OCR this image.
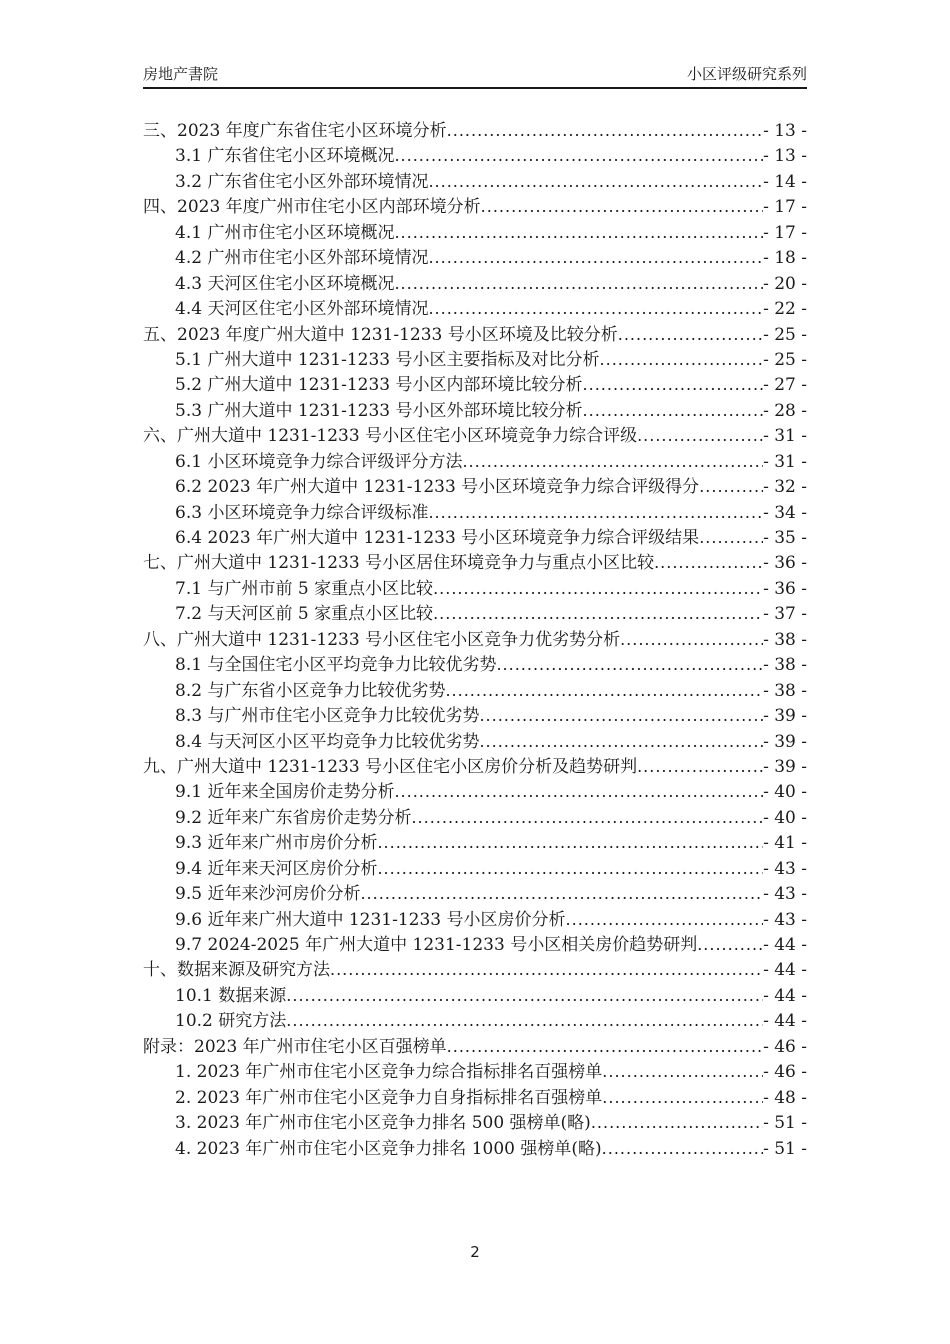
房地产書院	小区评级研究系列
三、2023 年度广东省住宅小区环境分析 .....	- 13 -
3.1 广东省住宅小区环境概况 .....	- 13 -
3.2 广东省住宅小区外部环境情况 .....	- 14 -
四、2023 年度广州市住宅小区内部环境分析 .....	- 17 -
4.1 广州市住宅小区环境概况 .....	- 17 -
4.2 广州市住宅小区外部环境情况 .....	- 18 -
4.3 天河区住宅小区环境概况 .....	- 20 -
4.4 天河区住宅小区外部环境情况 .....	- 22 -
五、2023 年度广州大道中 1231-1233 号小区环境及比较分析 .....	- 25 -
5.1 广州大道中 1231-1233 号小区主要指标及对比分析 .....	- 25 -
5.2 广州大道中 1231-1233 号小区内部环境比较分析 .....	- 27 -
5.3 广州大道中 1231-1233 号小区外部环境比较分析 .....	- 28 -
六、广州大道中 1231-1233 号小区住宅小区环境竞争力综合评级 .....	- 31 -
6.1 小区环境竞争力综合评级评分方法 .....	- 31 -
6.2 2023 年广州大道中 1231-1233 号小区环境竞争力综合评级得分 .....	- 32 -
6.3 小区环境竞争力综合评级标准 .....	- 34 -
6.4 2023 年广州大道中 1231-1233 号小区环境竞争力综合评级结果 .....	- 35 -
七、广州大道中 1231-1233 号小区居住环境竞争力与重点小区比较 .....	- 36 -
7.1 与广州市前 5 家重点小区比较 .....	- 36 -
7.2 与天河区前 5 家重点小区比较 .....	- 37 -
八、广州大道中 1231-1233 号小区住宅小区竞争力优劣势分析 .....	- 38 -
8.1 与全国住宅小区平均竞争力比较优劣势 .....	- 38 -
8.2 与广东省小区竞争力比较优劣势 .....	- 38 -
8.3 与广州市住宅小区竞争力比较优劣势 .....	- 39 -
8.4 与天河区小区平均竞争力比较优劣势 .....	- 39 -
九、广州大道中 1231-1233 号小区住宅小区房价分析及趋势研判 .....	- 39 -
9.1 近年来全国房价走势分析 .....	- 40 -
9.2 近年来广东省房价走势分析 .....	- 40 -
9.3 近年来广州市房价分析 .....	- 41 -
9.4 近年来天河区房价分析 .....	- 43 -
9.5 近年来沙河房价分析 .....	- 43 -
9.6 近年来广州大道中 1231-1233 号小区房价分析 .....	- 43 -
9.7 2024-2025 年广州大道中 1231-1233 号小区相关房价趋势研判 .....	- 44 -
十、数据来源及研究方法 .....	- 44 -
10.1 数据来源 .....	- 44 -
10.2 研究方法 .....	- 44 -
附录：2023 年广州市住宅小区百强榜单 .....	- 46 -
1. 2023 年广州市住宅小区竞争力综合指标排名百强榜单 .....	- 46 -
2. 2023 年广州市住宅小区竞争力自身指标排名百强榜单 .....	- 48 -
3. 2023 年广州市住宅小区竞争力排名 500 强榜单(略) .....	- 51 -
4. 2023 年广州市住宅小区竞争力排名 1000 强榜单(略) .....	- 51 -
2
